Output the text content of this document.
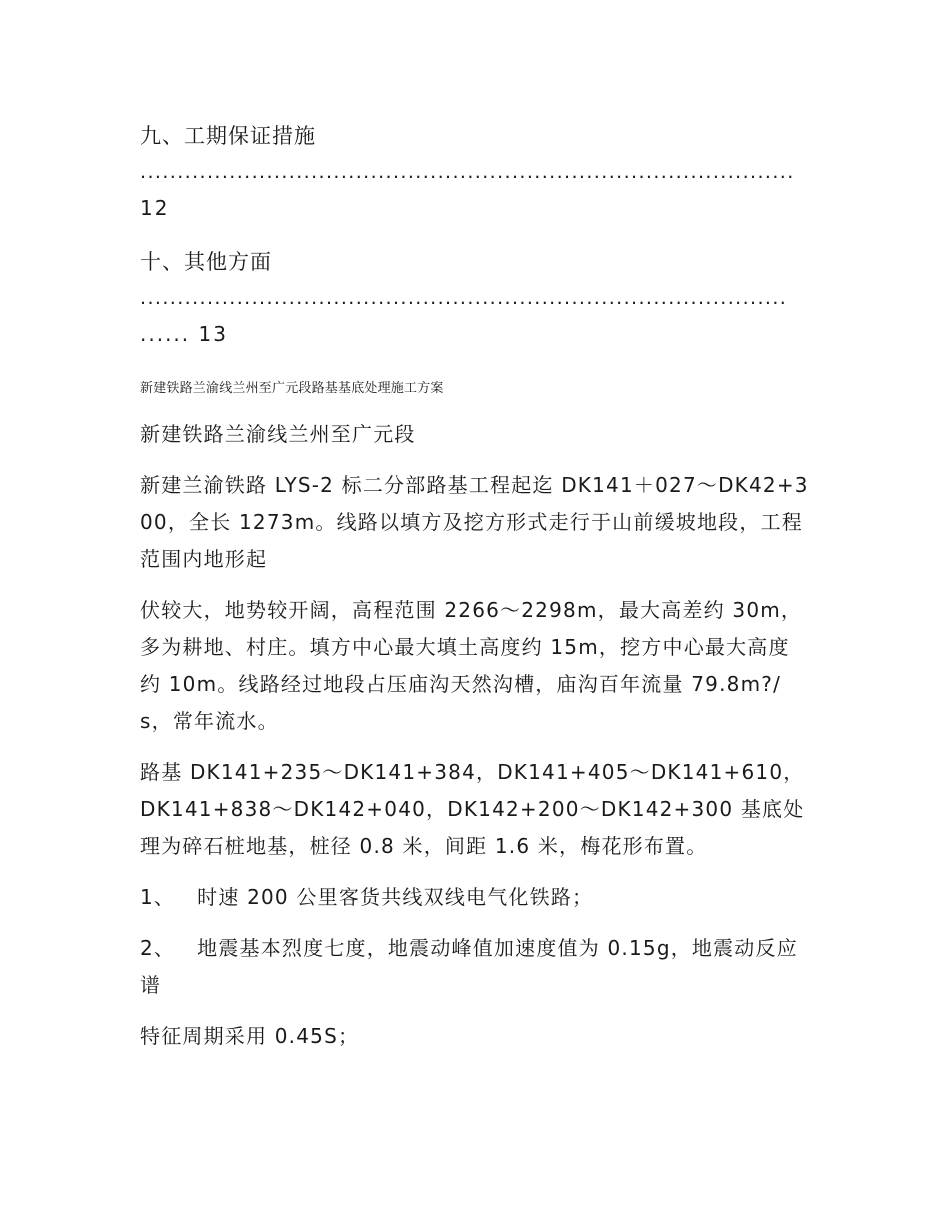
九、工期保证措施

........................................................................................

12

十、其他方面

.......................................................................................

...... 13

新建铁路兰渝线兰州至广元段路基基底处理施工方案

新建铁路兰渝线兰州至广元段

新建兰渝铁路 LYS-2 标二分部路基工程起迄 DK141＋027～DK42+300，全长 1273m。线路以填方及挖方形式走行于山前缓坡地段，工程范围内地形起

伏较大，地势较开阔，高程范围 2266～2298m，最大高差约 30m，多为耕地、村庄。填方中心最大填土高度约 15m，挖方中心最大高度约 10m。线路经过地段占压庙沟天然沟槽，庙沟百年流量 79.8m?/s，常年流水。

路基 DK141+235～DK141+384，DK141+405～DK141+610，DK141+838～DK142+040，DK142+200～DK142+300 基底处理为碎石桩地基，桩径 0.8 米，间距 1.6 米，梅花形布置。

1、 时速 200 公里客货共线双线电气化铁路；

2、 地震基本烈度七度，地震动峰值加速度值为 0.15g，地震动反应谱

特征周期采用 0.45S；
